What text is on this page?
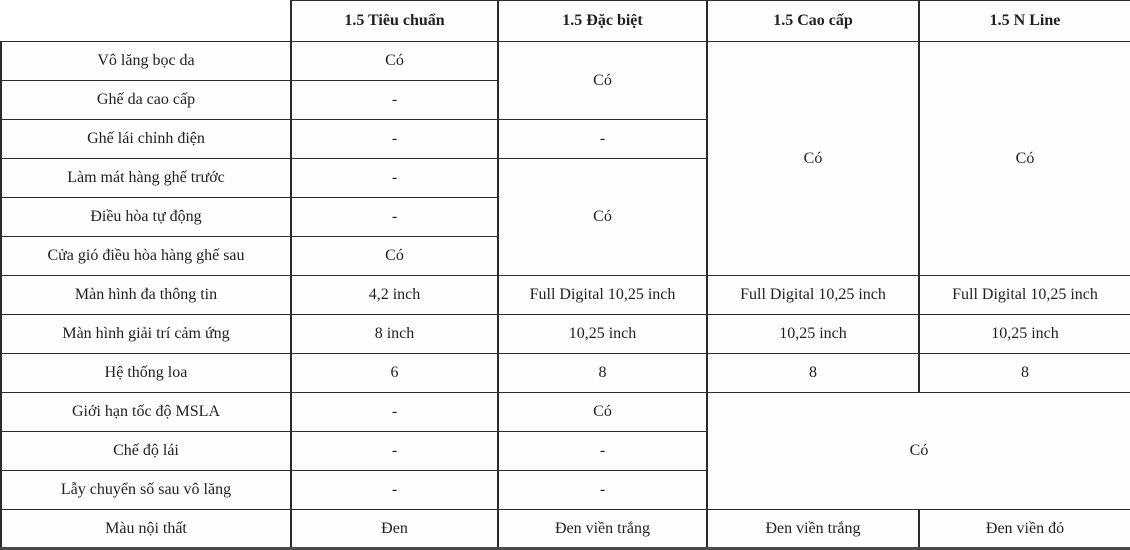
	1.5 Tiêu chuẩn	1.5 Đặc biệt	1.5 Cao cấp	1.5 N Line
Vô lăng bọc da	Có	Có	Có	Có
Ghế da cao cấp	-			
Ghế lái chỉnh điện	-	-		
Làm mát hàng ghế trước	-	Có		
Điều hòa tự động	-			
Cửa gió điều hòa hàng ghế sau	Có			
Màn hình đa thông tin	4,2 inch	Full Digital 10,25 inch	Full Digital 10,25 inch	Full Digital 10,25 inch
Màn hình giải trí cảm ứng	8 inch	10,25 inch	10,25 inch	10,25 inch
Hệ thống loa	6	8	8	8
Giới hạn tốc độ MSLA	-	Có	Có	
Chế độ lái	-	-		
Lẫy chuyển số sau vô lăng	-	-		
Màu nội thất	Đen	Đen viền trắng	Đen viền trắng	Đen viền đỏ
